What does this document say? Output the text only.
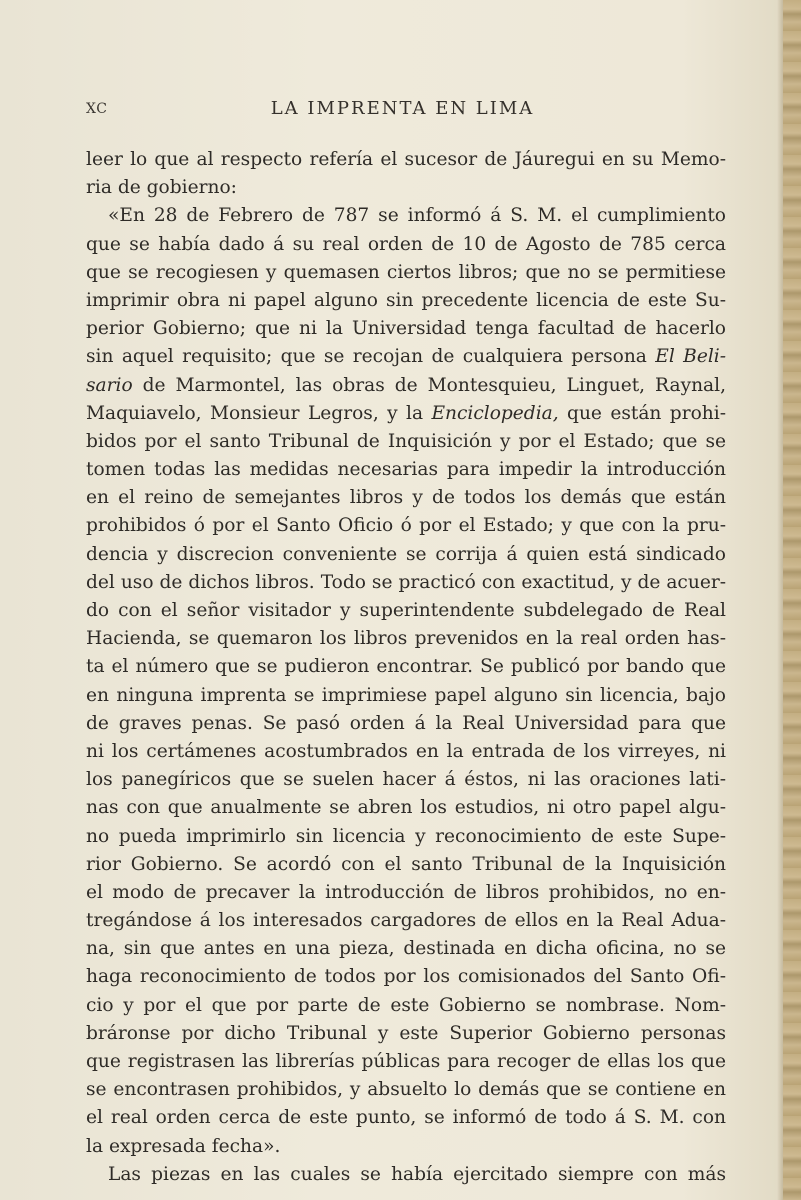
XC	LA IMPRENTA EN LIMA
leer lo que al respecto refería el sucesor de Jáuregui en su Memo-
ria de gobierno:
«En 28 de Febrero de 787 se informó á S. M. el cumplimiento
que se había dado á su real orden de 10 de Agosto de 785 cerca
que se recogiesen y quemasen ciertos libros; que no se permitiese
imprimir obra ni papel alguno sin precedente licencia de este Su-
perior Gobierno; que ni la Universidad tenga facultad de hacerlo
sin aquel requisito; que se recojan de cualquiera persona El Beli-
sario de Marmontel, las obras de Montesquieu, Linguet, Raynal,
Maquiavelo, Monsieur Legros, y la Enciclopedia, que están prohi-
bidos por el santo Tribunal de Inquisición y por el Estado; que se
tomen todas las medidas necesarias para impedir la introducción
en el reino de semejantes libros y de todos los demás que están
prohibidos ó por el Santo Oficio ó por el Estado; y que con la pru-
dencia y discrecion conveniente se corrija á quien está sindicado
del uso de dichos libros. Todo se practicó con exactitud, y de acuer-
do con el señor visitador y superintendente subdelegado de Real
Hacienda, se quemaron los libros prevenidos en la real orden has-
ta el número que se pudieron encontrar. Se publicó por bando que
en ninguna imprenta se imprimiese papel alguno sin licencia, bajo
de graves penas. Se pasó orden á la Real Universidad para que
ni los certámenes acostumbrados en la entrada de los virreyes, ni
los panegíricos que se suelen hacer á éstos, ni las oraciones lati-
nas con que anualmente se abren los estudios, ni otro papel algu-
no pueda imprimirlo sin licencia y reconocimiento de este Supe-
rior Gobierno. Se acordó con el santo Tribunal de la Inquisición
el modo de precaver la introducción de libros prohibidos, no en-
tregándose á los interesados cargadores de ellos en la Real Adua-
na, sin que antes en una pieza, destinada en dicha oficina, no se
haga reconocimiento de todos por los comisionados del Santo Ofi-
cio y por el que por parte de este Gobierno se nombrase. Nom-
bráronse por dicho Tribunal y este Superior Gobierno personas
que registrasen las librerías públicas para recoger de ellas los que
se encontrasen prohibidos, y absuelto lo demás que se contiene en
el real orden cerca de este punto, se informó de todo á S. M. con
la expresada fecha».
Las piezas en las cuales se había ejercitado siempre con más
